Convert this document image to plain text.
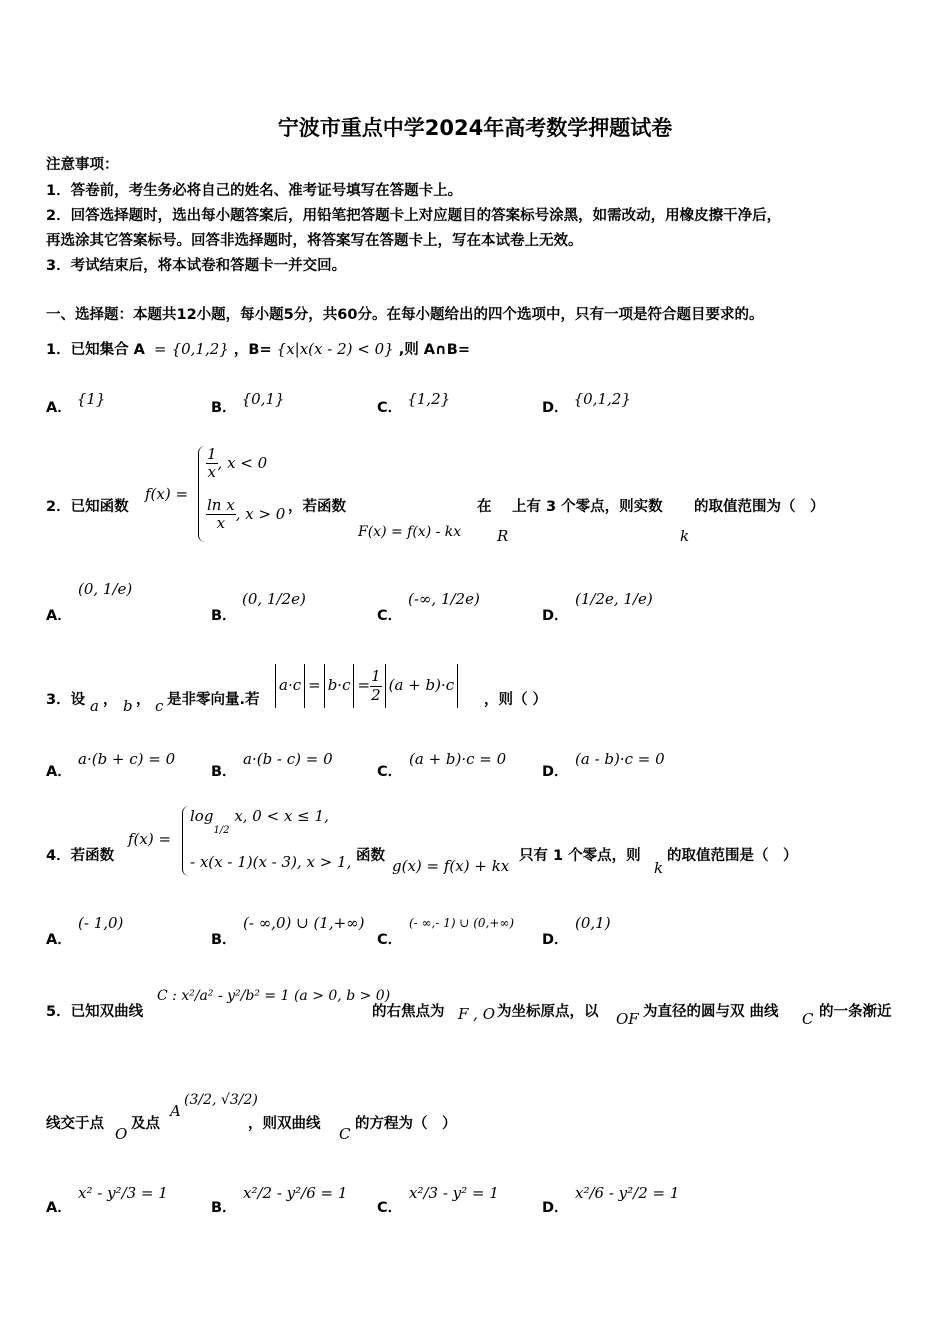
宁波市重点中学2024年高考数学押题试卷
注意事项：
1．答卷前，考生务必将自己的姓名、准考证号填写在答题卡上。
2．回答选择题时，选出每小题答案后，用铅笔把答题卡上对应题目的答案标号涂黑，如需改动，用橡皮擦干净后，
再选涂其它答案标号。回答非选择题时，将答案写在答题卡上，写在本试卷上无效。
3．考试结束后，将本试卷和答题卡一并交回。
一、选择题：本题共12小题，每小题5分，共60分。在每小题给出的四个选项中，只有一项是符合题目要求的。
1．已知集合 A = {0,1,2} ，B= {x|x(x - 2) < 0} ,则 A∩B=
A． {1}	B． {0,1}	C． {1,2}	D． {0,1,2}
2．已知函数
f(x) =
$\frac{1}{x}$ , x < 0
$\frac{\text{ln x}}{x}$ , x > 0 ，若函数
F(x) = f(x) - kx
在
R
上有 3 个零点，则实数 的取值范围为（　）
k
A．
(0, 1/e)
B．
(0, 1/2e)
C．
(-∞, 1/2e)
D．
(1/2e, 1/e)
3．设 a ， b ， c 是非零向量.若
$a\cdot c = b\cdot c = \frac{1}{2} (a + b)\cdot c$
，则（ ）
A．
a·(b + c) = 0
B．
a·(b - c) = 0
C．
(a + b)·c = 0
D．
(a - b)·c = 0
4．若函数
f(x) =
$\log_{1/2} x$, 0 < x ≤ 1,
- x(x - 1)(x - 3), x > 1, 函数
g(x) = f(x) + kx
只有 1 个零点，则
k
的取值范围是（　）
A．
(- 1,0)
B．
(- ∞,0) ∪ (1,+∞)
C．
(- ∞,- 1) ∪ (0,+∞)
D．
(0,1)
5．已知双曲线
C : x²/a² - y²/b² = 1 (a > 0, b > 0)
的右焦点为 F , O 为坐标原点，以 OF 为直径的圆与双 曲线 C 的一条渐近
线交于点
O
及点
A
(3/2, √3/2)
，则双曲线
C
的方程为（　）
A．
x² - y²/3 = 1
B．
x²/2 - y²/6 = 1
C．
x²/3 - y² = 1
D．
x²/6 - y²/2 = 1
